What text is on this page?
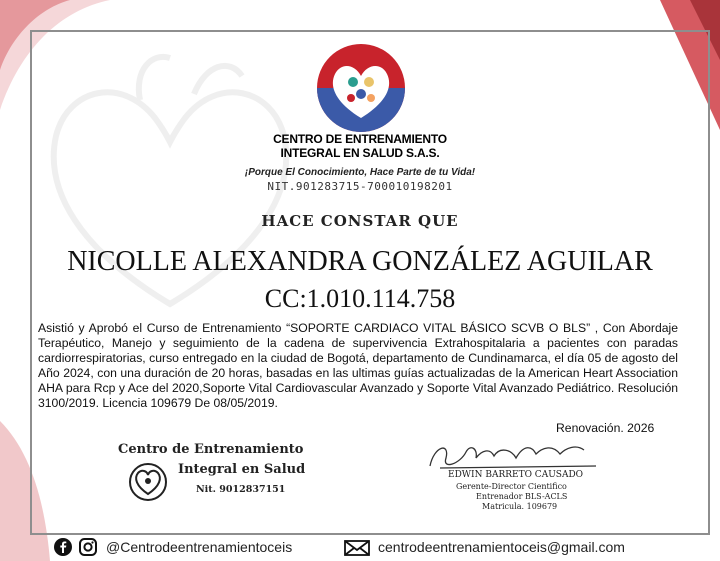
CENTRO DE ENTRENAMIENTO
INTEGRAL EN SALUD S.A.S.
¡Porque El Conocimiento, Hace Parte de tu Vida!
NIT.901283715-700010198201
HACE CONSTAR QUE
NICOLLE ALEXANDRA GONZÁLEZ AGUILAR
CC:1.010.114.758
Asistió y Aprobó el Curso de Entrenamiento “SOPORTE CARDIACO VITAL BÁSICO SCVB O BLS” , Con Abordaje Terapéutico, Manejo y seguimiento de la cadena de supervivencia Extrahospitalaria a pacientes con paradas cardiorrespiratorias, curso entregado en la ciudad de Bogotá, departamento de Cundinamarca, el día 05 de agosto del Año 2024, con una duración de 20 horas, basadas en las ultimas guías actualizadas de la American Heart Association AHA para Rcp y Ace del 2020,Soporte Vital Cardiovascular Avanzado y Soporte Vital Avanzado Pediátrico. Resolución 3100/2019. Licencia 109679 De 08/05/2019.
Renovación. 2026
Centro de Entrenamiento
Integral en Salud
Nit. 9012837151
EDWIN BARRETO CAUSADO
Gerente-Director Cientifico
Entrenador BLS-ACLS
Matricula. 109679
@Centrodeentrenamientoceis	centrodeentrenamientoceis@gmail.com
